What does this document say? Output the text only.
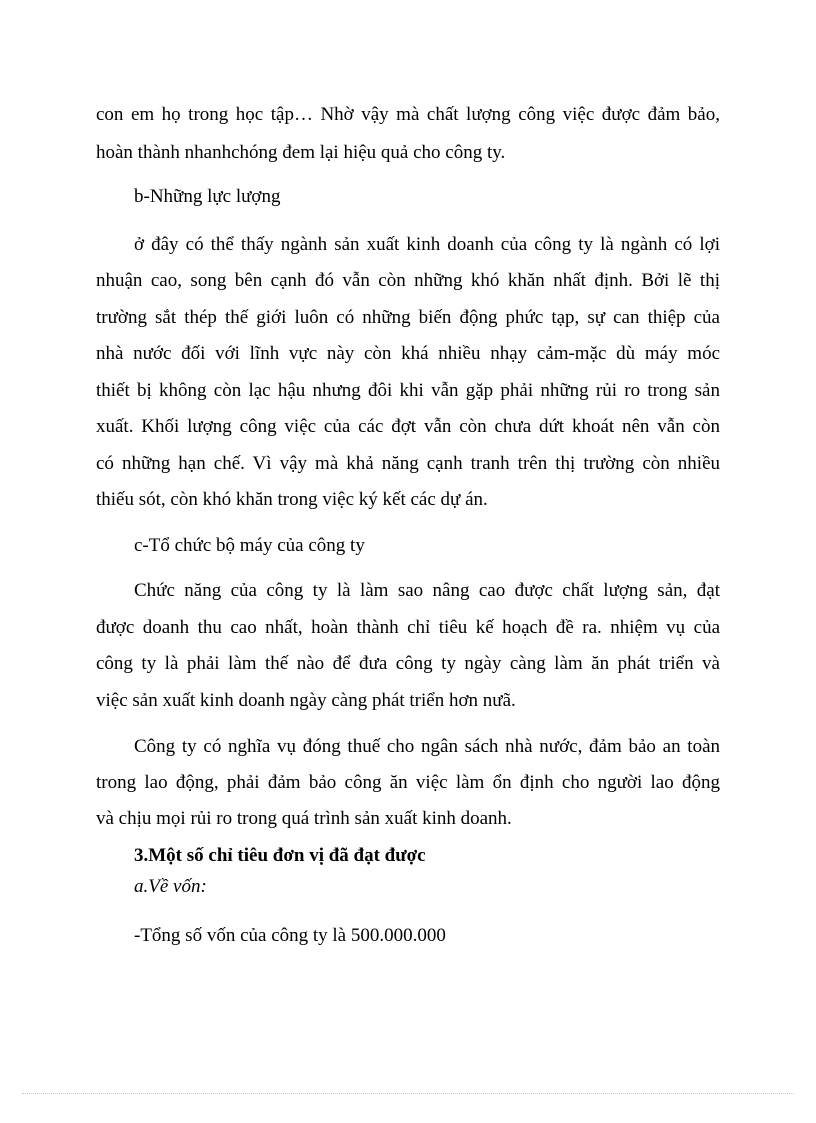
con em họ trong học tập… Nhờ vậy mà chất lượng công việc được đảm bảo,

hoàn thành nhanhchóng đem lại hiệu quả cho công ty.

b-Những lực lượng

ở đây có thể thấy ngành sản xuất kinh doanh của công ty là ngành có lợi

nhuận cao, song bên cạnh đó vẫn còn những khó khăn nhất định. Bởi lẽ thị

trường sắt thép thế giới luôn có những biến động phức tạp, sự can thiệp của

nhà nước đối với lĩnh vực này còn khá nhiều nhạy cảm-mặc dù máy móc

thiết bị không còn lạc hậu nhưng đôi khi vẫn gặp phải những rủi ro trong sản

xuất. Khối lượng công việc của các đợt vẫn còn chưa dứt khoát nên vẫn còn

có những hạn chế. Vì vậy mà khả năng cạnh tranh trên thị trường còn nhiều

thiếu sót, còn khó khăn trong việc ký kết các dự án.

c-Tổ chức bộ máy của công ty

Chức năng của công ty là làm sao nâng cao được chất lượng sản, đạt

được doanh thu cao nhất, hoàn thành chỉ tiêu kế hoạch đề ra. nhiệm vụ của

công ty là phải làm thế nào để đưa công ty ngày càng làm ăn phát triển và

việc sản xuất kinh doanh ngày càng phát triển hơn nưã.

Công ty có nghĩa vụ đóng thuế cho ngân sách nhà nước, đảm bảo an toàn

trong lao động, phải đảm bảo công ăn việc làm ổn định cho người lao động

và chịu mọi rủi ro trong quá trình sản xuất kinh doanh.

3.Một số chỉ tiêu đơn vị đã đạt được

a.Về vốn:

-Tổng số vốn của công ty là 500.000.000
